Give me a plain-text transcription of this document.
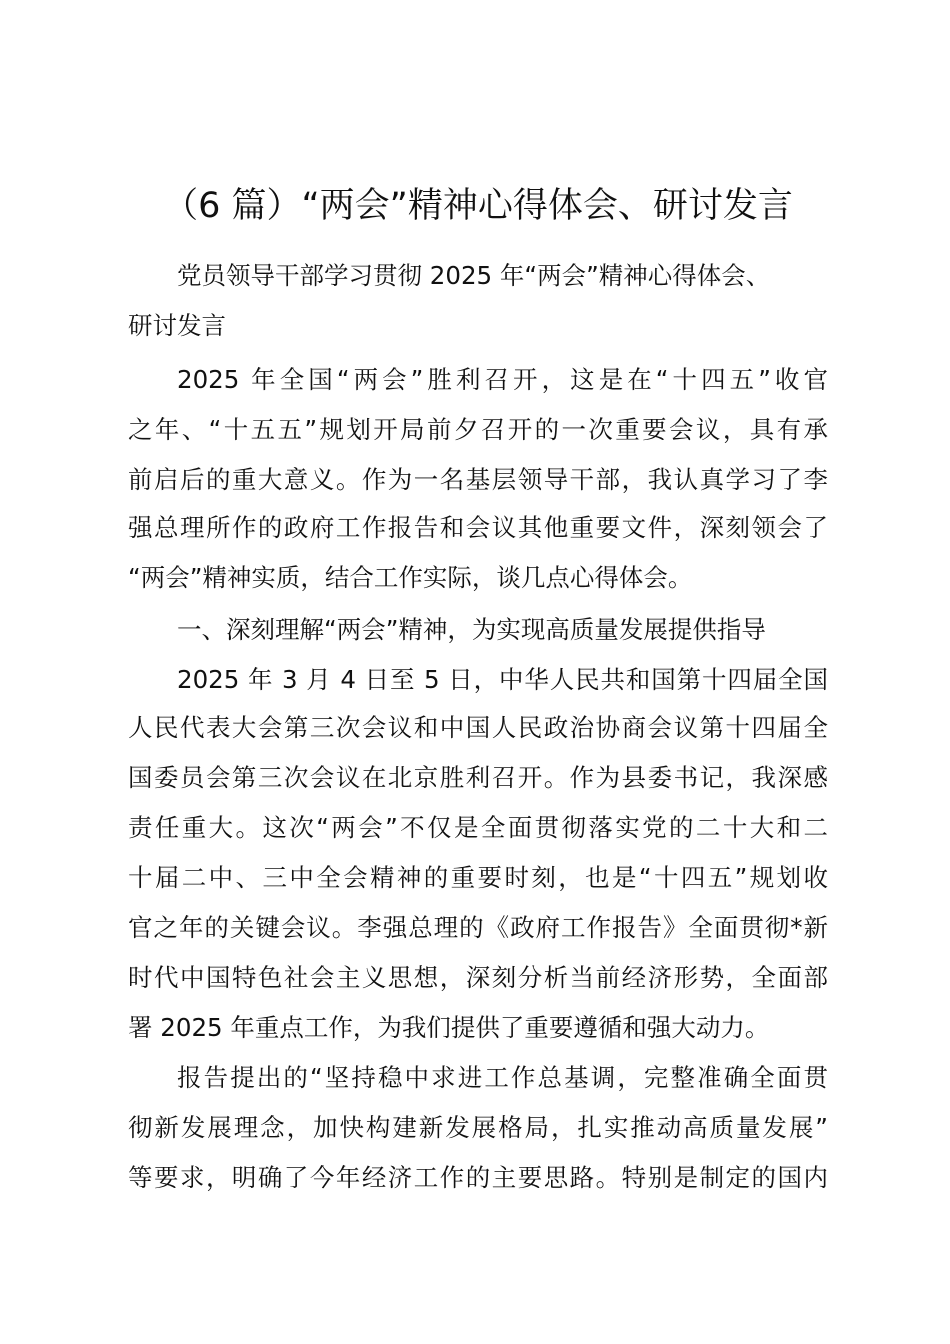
（6 篇）“两会”精神心得体会、研讨发言
党员领导干部学习贯彻 2025 年“两会”精神心得体会、
研讨发言
2025 年全国“两会”胜利召开，这是在“十四五”收官
之年、“十五五”规划开局前夕召开的一次重要会议，具有承
前启后的重大意义。作为一名基层领导干部，我认真学习了李
强总理所作的政府工作报告和会议其他重要文件，深刻领会了
“两会”精神实质，结合工作实际，谈几点心得体会。
一、深刻理解“两会”精神，为实现高质量发展提供指导
2025 年 3 月 4 日至 5 日，中华人民共和国第十四届全国
人民代表大会第三次会议和中国人民政治协商会议第十四届全
国委员会第三次会议在北京胜利召开。作为县委书记，我深感
责任重大。这次“两会”不仅是全面贯彻落实党的二十大和二
十届二中、三中全会精神的重要时刻，也是“十四五”规划收
官之年的关键会议。李强总理的《政府工作报告》全面贯彻*新
时代中国特色社会主义思想，深刻分析当前经济形势，全面部
署 2025 年重点工作，为我们提供了重要遵循和强大动力。
报告提出的“坚持稳中求进工作总基调，完整准确全面贯
彻新发展理念，加快构建新发展格局，扎实推动高质量发展”
等要求，明确了今年经济工作的主要思路。特别是制定的国内
